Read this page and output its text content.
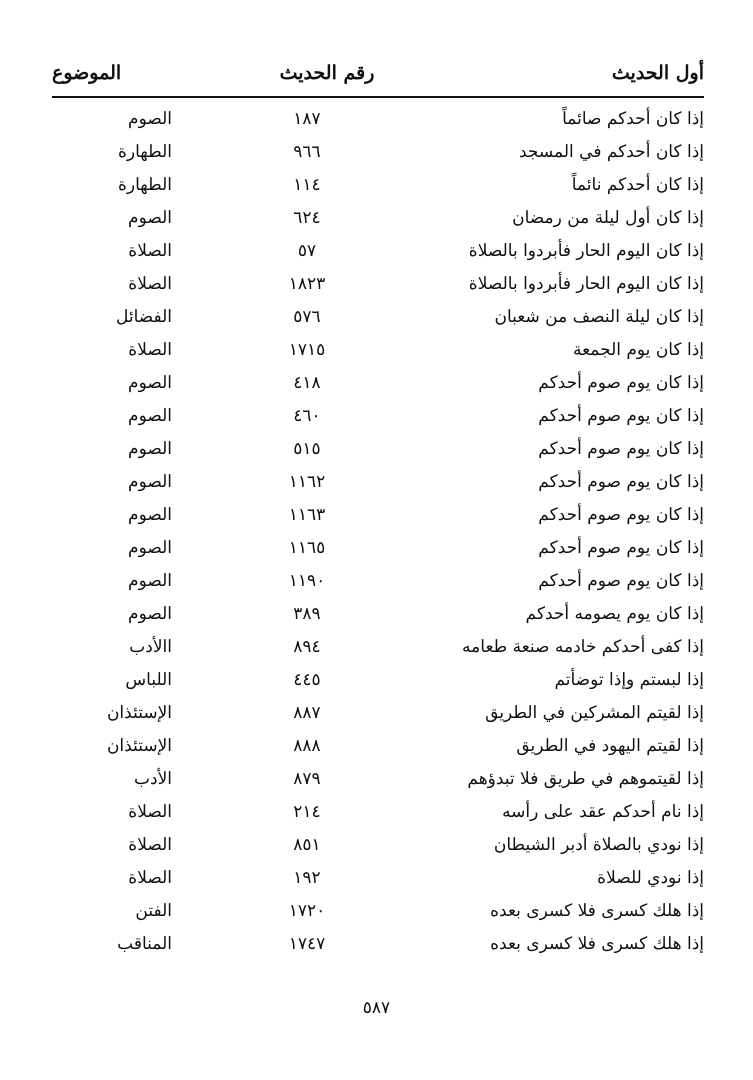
أول الحديث
رقم الحديث
الموضوع
إذا كان أحدكم صائماً
١٨٧
الصوم
إذا كان أحدكم في المسجد
٩٦٦
الطهارة
إذا كان أحدكم نائماً
١١٤
الطهارة
إذا كان أول ليلة من رمضان
٦٢٤
الصوم
إذا كان اليوم الحار فأبردوا بالصلاة
٥٧
الصلاة
إذا كان اليوم الحار فأبردوا بالصلاة
١٨٢٣
الصلاة
إذا كان ليلة النصف من شعبان
٥٧٦
الفضائل
إذا كان يوم الجمعة
١٧١٥
الصلاة
إذا كان يوم صوم أحدكم
٤١٨
الصوم
إذا كان يوم صوم أحدكم
٤٦٠
الصوم
إذا كان يوم صوم أحدكم
٥١٥
الصوم
إذا كان يوم صوم أحدكم
١١٦٢
الصوم
إذا كان يوم صوم أحدكم
١١٦٣
الصوم
إذا كان يوم صوم أحدكم
١١٦٥
الصوم
إذا كان يوم صوم أحدكم
١١٩٠
الصوم
إذا كان يوم يصومه أحدكم
٣٨٩
الصوم
إذا كفى أحدكم خادمه صنعة طعامه
٨٩٤
االأدب
إذا لبستم وإذا توضأتم
٤٤٥
اللباس
إذا لقيتم المشركين في الطريق
٨٨٧
الإستئذان
إذا لقيتم اليهود في الطريق
٨٨٨
الإستئذان
إذا لقيتموهم في طريق فلا تبدؤهم
٨٧٩
الأدب
إذا نام أحدكم عقد على رأسه
٢١٤
الصلاة
إذا نودي بالصلاة أدبر الشيطان
٨٥١
الصلاة
إذا نودي للصلاة
١٩٢
الصلاة
إذا هلك كسرى فلا كسرى بعده
١٧٢٠
الفتن
إذا هلك كسرى فلا كسرى بعده
١٧٤٧
المناقب
٥٨٧
